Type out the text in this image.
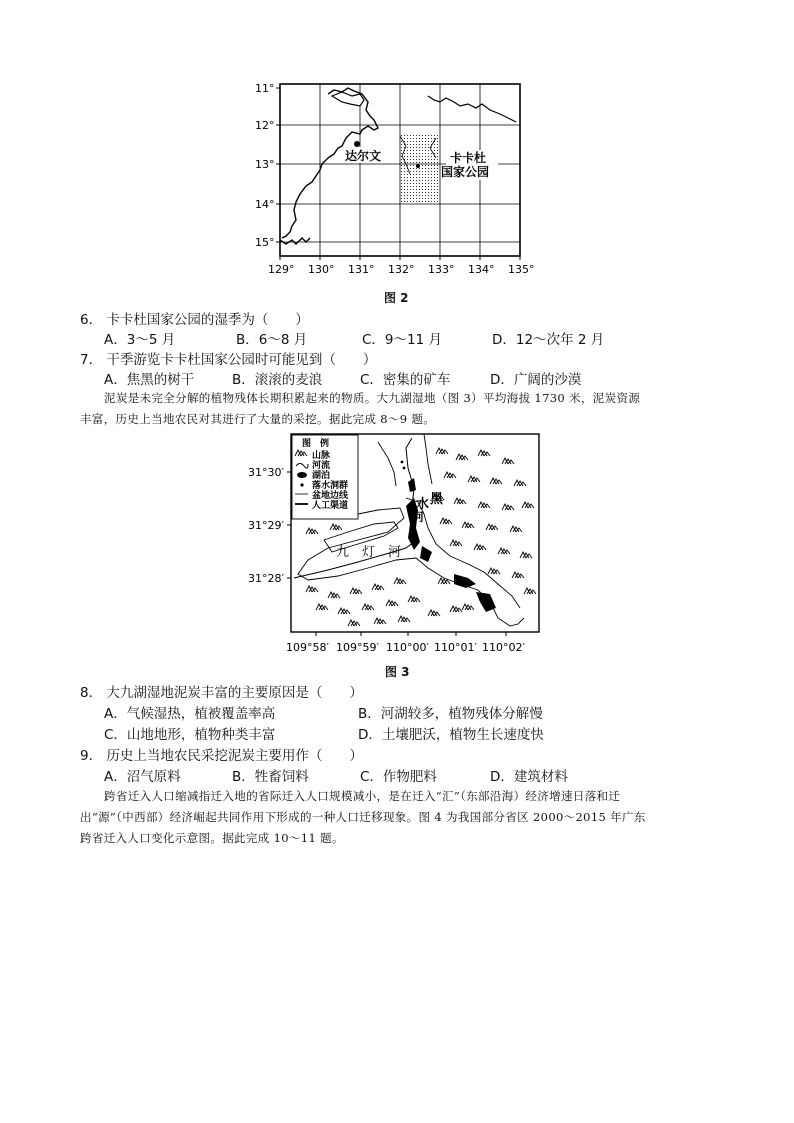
11°
12°
13°
14°
15°
129° 130° 131° 132° 133° 134° 135°
达尔文	卡卡杜
国家公园
图 2
6． 卡卡杜国家公园的湿季为（　　）
A．3～5 月	B．6～8 月	C．9～11 月	D．12～次年 2 月
7． 干季游览卡卡杜国家公园时可能见到（　　）
A．焦黑的树干	B．滚滚的麦浪	C．密集的矿车	D．广阔的沙漠
泥炭是未完全分解的植物残体长期积累起来的物质。大九湖湿地（图 3）平均海拔 1730 米，泥炭资源
丰富，历史上当地农民对其进行了大量的采挖。据此完成 8～9 题。
图　例
山脉
河流
湖泊
落水洞群
盆地边线
人工渠道
九　灯　河
水 黑
河
31°30′
31°29′
31°28′
109°58′ 109°59′ 110°00′ 110°01′ 110°02′
图 3
8． 大九湖湿地泥炭丰富的主要原因是（　　）
A．气候湿热，植被覆盖率高	B．河湖较多，植物残体分解慢
C．山地地形，植物种类丰富	D．土壤肥沃，植物生长速度快
9． 历史上当地农民采挖泥炭主要用作（　　）
A．沼气原料	B．牲畜饲料	C．作物肥料	D．建筑材料
跨省迁入人口缩减指迁入地的省际迁入人口规模减小，是在迁入“汇”（东部沿海）经济增速日落和迁
出“源”（中西部）经济崛起共同作用下形成的一种人口迁移现象。图 4 为我国部分省区 2000～2015 年广东
跨省迁入人口变化示意图。据此完成 10～11 题。
